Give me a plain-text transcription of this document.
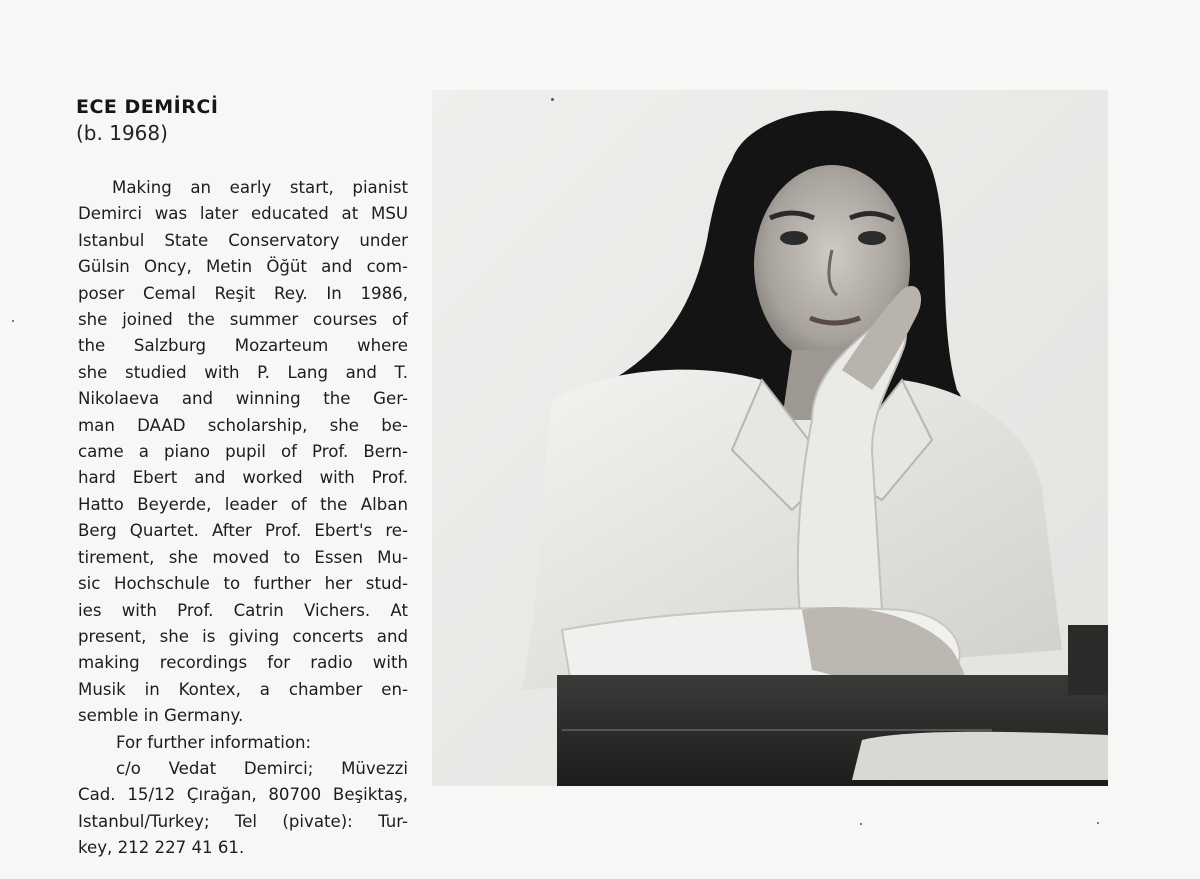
ECE DEMİRCİ
(b. 1968)
Making an early start, pianist
Demirci was later educated at MSU
Istanbul State Conservatory under
Gülsin Oncy, Metin Öğüt and com-
poser Cemal Reşit Rey. In 1986,
she joined the summer courses of
the Salzburg Mozarteum where
she studied with P. Lang and T.
Nikolaeva and winning the Ger-
man DAAD scholarship, she be-
came a piano pupil of Prof. Bern-
hard Ebert and worked with Prof.
Hatto Beyerde, leader of the Alban
Berg Quartet. After Prof. Ebert's re-
tirement, she moved to Essen Mu-
sic Hochschule to further her stud-
ies with Prof. Catrin Vichers. At
present, she is giving concerts and
making recordings for radio with
Musik in Kontex, a chamber en-
semble in Germany.
For further information:
c/o Vedat Demirci; Müvezzi
Cad. 15/12 Çırağan, 80700 Beşiktaş,
Istanbul/Turkey; Tel (pivate): Tur-
key, 212 227 41 61.
